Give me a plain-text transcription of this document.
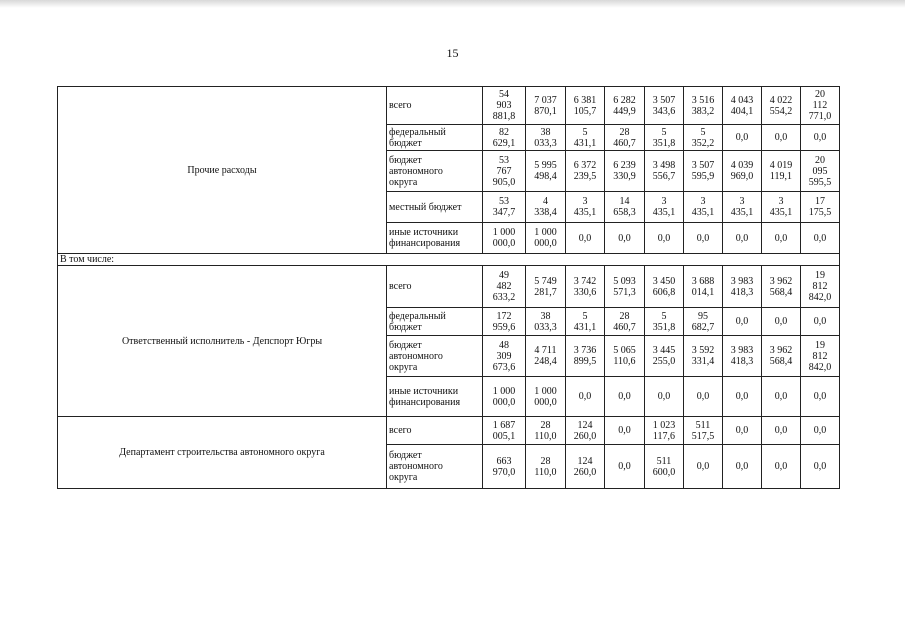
15
Прочие расходы	всего	54
903
881,8	7 037
870,1	6 381
105,7	6 282
449,9	3 507
343,6	3 516
383,2	4 043
404,1	4 022
554,2	20
112
771,0

	федеральный
бюджет	82
629,1	38
033,3	5
431,1	28
460,7	5
351,8	5
352,2	0,0	0,0	0,0

	бюджет
автономного
округа	53
767
905,0	5 995
498,4	6 372
239,5	6 239
330,9	3 498
556,7	3 507
595,9	4 039
969,0	4 019
119,1	20
095
595,5

	местный бюджет	53
347,7	4
338,4	3
435,1	14
658,3	3
435,1	3
435,1	3
435,1	3
435,1	17
175,5

	иные источники
финансирования	1 000
000,0	1 000
000,0	0,0	0,0	0,0	0,0	0,0	0,0	0,0

В том числе:										
Ответственный исполнитель - Депспорт Югры	всего	49
482
633,2	5 749
281,7	3 742
330,6	5 093
571,3	3 450
606,8	3 688
014,1	3 983
418,3	3 962
568,4	19
812
842,0

	федеральный
бюджет	172
959,6	38
033,3	5
431,1	28
460,7	5
351,8	95
682,7	0,0	0,0	0,0

	бюджет
автономного
округа	48
309
673,6	4 711
248,4	3 736
899,5	5 065
110,6	3 445
255,0	3 592
331,4	3 983
418,3	3 962
568,4	19
812
842,0

	иные источники
финансирования	1 000
000,0	1 000
000,0	0,0	0,0	0,0	0,0	0,0	0,0	0,0

Департамент строительства автономного округа	всего	1 687
005,1	28
110,0	124
260,0	0,0	1 023
117,6	511
517,5	0,0	0,0	0,0

	бюджет
автономного
округа	663
970,0	28
110,0	124
260,0	0,0	511
600,0	0,0	0,0	0,0	0,0
